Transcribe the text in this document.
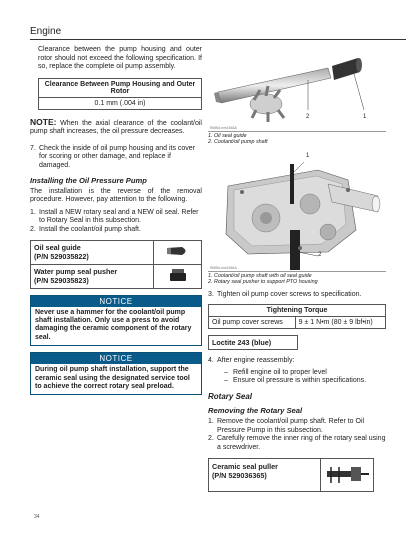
Engine

Clearance between the pump housing and outer rotor should not exceed the following specification. If so, replace the complete oil pump assembly.

Clearance Between Pump Housing and Outer Rotor
0.1 mm (.004 in)

NOTE: When the axial clearance of the coolant/oil pump shaft increases, the oil pressure decreases.

7. Check the inside of oil pump housing and its cover for scoring or other damage, and replace if damaged.
Installing the Oil Pressure Pump

The installation is the reverse of the removal procedure. However, pay attention to the following.

1. Install a NEW rotary seal and a NEW oil seal. Refer to Rotary Seal in this subsection.
2. Install the coolant/oil pump shaft.
Oil seal guide
(P/N 529035822)	
Water pump seal pusher
(P/N 529035823)	
NOTICE
Never use a hammer for the coolant/oil pump shaft installation. Only use a press to avoid damaging the ceramic component of the rotary seal.
NOTICE
During oil pump shaft installation, support the ceramic seal using the designated service tool to achieve the correct rotary seal preload.
2	1
RMBd-mm1663A
1. Oil seal guide
2. Coolant/oil pump shaft
1
2
RMBd-mm1664A
1. Coolant/oil pump shaft with oil seal guide
2. Rotary seal pusher to support PTO housing
3. Tighten oil pump cover screws to specification.
Tightening Torque
Oil pump cover screws	9 ± 1 N•m (80 ± 9 lbf•in)
Loctite 243 (blue)
4. After engine reassembly:
– Refill engine oil to proper level
– Ensure oil pressure is within specifications.
Rotary Seal
Removing the Rotary Seal
1. Remove the coolant/oil pump shaft. Refer to Oil Pressure Pump in this subsection.
2. Carefully remove the inner ring of the rotary seal using a screwdriver.
Ceramic seal puller
(P/N 529036365)
34
